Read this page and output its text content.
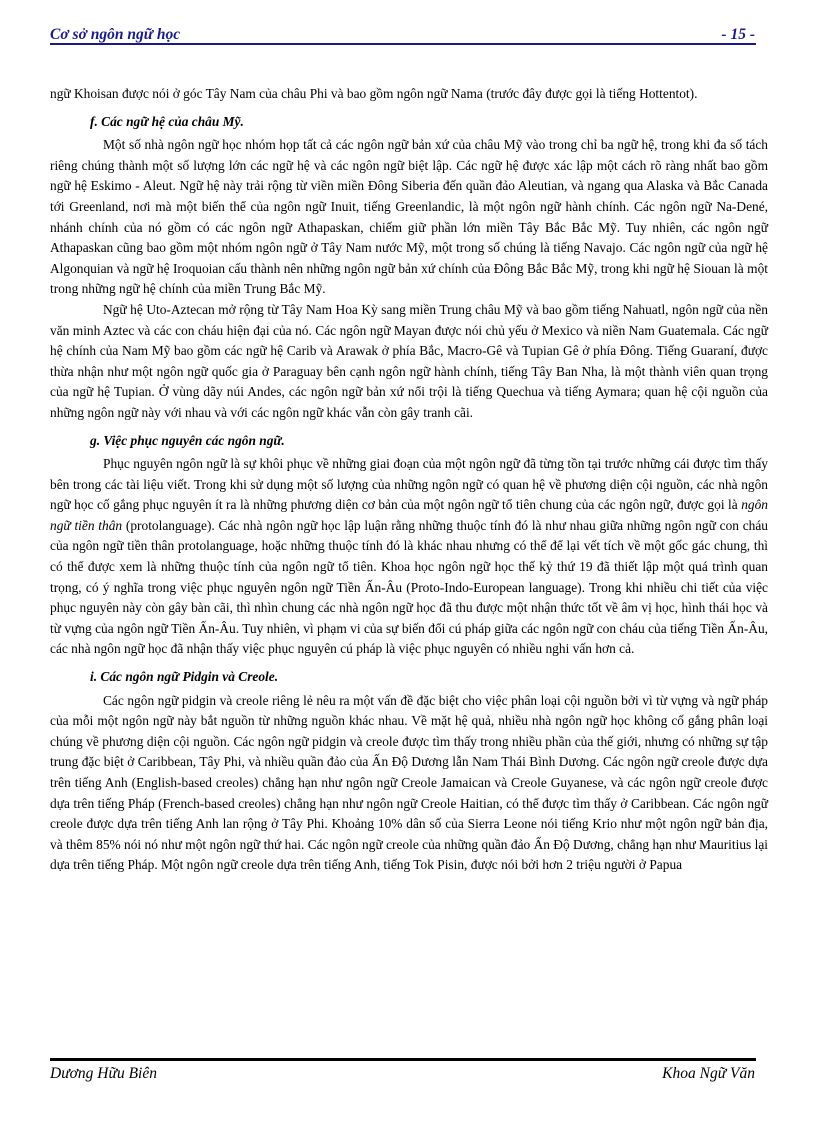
Cơ sở ngôn ngữ học	- 15 -

ngữ Khoisan được nói ở góc Tây Nam của châu Phi và bao gồm ngôn ngữ Nama (trước đây được gọi là tiếng Hottentot).

f. Các ngữ hệ của châu Mỹ.

Một số nhà ngôn ngữ học nhóm họp tất cả các ngôn ngữ bản xứ của châu Mỹ vào trong chỉ ba ngữ hệ, trong khi đa số tách riêng chúng thành một số lượng lớn các ngữ hệ và các ngôn ngữ biệt lập. Các ngữ hệ được xác lập một cách rõ ràng nhất bao gồm ngữ hệ Eskimo - Aleut. Ngữ hệ này trải rộng từ viền miền Đông Siberia đến quần đảo Aleutian, và ngang qua Alaska và Bắc Canada tới Greenland, nơi mà một biến thể của ngôn ngữ Inuit, tiếng Greenlandic, là một ngôn ngữ hành chính. Các ngôn ngữ Na-Dené, nhánh chính của nó gồm có các ngôn ngữ Athapaskan, chiếm giữ phần lớn miền Tây Bắc Bắc Mỹ. Tuy nhiên, các ngôn ngữ Athapaskan cũng bao gồm một nhóm ngôn ngữ ở Tây Nam nước Mỹ, một trong số chúng là tiếng Navajo. Các ngôn ngữ của ngữ hệ Algonquian và ngữ hệ Iroquoian cấu thành nên những ngôn ngữ bản xứ chính của Đông Bắc Bắc Mỹ, trong khi ngữ hệ Siouan là một trong những ngữ hệ chính của miền Trung Bắc Mỹ.

Ngữ hệ Uto-Aztecan mở rộng từ Tây Nam Hoa Kỳ sang miền Trung châu Mỹ và bao gồm tiếng Nahuatl, ngôn ngữ của nền văn minh Aztec và các con cháu hiện đại của nó. Các ngôn ngữ Mayan được nói chủ yếu ở Mexico và niền Nam Guatemala. Các ngữ hệ chính của Nam Mỹ bao gồm các ngữ hệ Carib và Arawak ở phía Bắc, Macro-Gê và Tupian Gê ở phía Đông. Tiếng Guaraní, được thừa nhận như một ngôn ngữ quốc gia ở Paraguay bên cạnh ngôn ngữ hành chính, tiếng Tây Ban Nha, là một thành viên quan trọng của ngữ hệ Tupian. Ở vùng dãy núi Andes, các ngôn ngữ bản xứ nổi trội là tiếng Quechua và tiếng Aymara; quan hệ cội nguồn của những ngôn ngữ này với nhau và với các ngôn ngữ khác vẫn còn gây tranh cãi.

g. Việc phục nguyên các ngôn ngữ.

Phục nguyên ngôn ngữ là sự khôi phục về những giai đoạn của một ngôn ngữ đã từng tồn tại trước những cái được tìm thấy bên trong các tài liệu viết. Trong khi sử dụng một số lượng của những ngôn ngữ có quan hệ về phương diện cội nguồn, các nhà ngôn ngữ học cố gắng phục nguyên ít ra là những phương diện cơ bản của một ngôn ngữ tổ tiên chung của các ngôn ngữ, được gọi là ngôn ngữ tiền thân (protolanguage). Các nhà ngôn ngữ học lập luận rằng những thuộc tính đó là như nhau giữa những ngôn ngữ con cháu của ngôn ngữ tiền thân protolanguage, hoặc những thuộc tính đó là khác nhau nhưng có thể để lại vết tích về một gốc gác chung, thì có thể được xem là những thuộc tính của ngôn ngữ tổ tiên. Khoa học ngôn ngữ học thế kỷ thứ 19 đã thiết lập một quá trình quan trọng, có ý nghĩa trong việc phục nguyên ngôn ngữ Tiền Ấn-Âu (Proto-Indo-European language). Trong khi nhiều chi tiết của việc phục nguyên này còn gây bàn cãi, thì nhìn chung các nhà ngôn ngữ học đã thu được một nhận thức tốt về âm vị học, hình thái học và từ vựng của ngôn ngữ Tiền Ấn-Âu. Tuy nhiên, vì phạm vi của sự biến đổi cú pháp giữa các ngôn ngữ con cháu của tiếng Tiền Ấn-Âu, các nhà ngôn ngữ học đã nhận thấy việc phục nguyên cú pháp là việc phục nguyên có nhiều nghi vấn hơn cả.

i. Các ngôn ngữ Pidgin và Creole.

Các ngôn ngữ pidgin và creole riêng lẻ nêu ra một vấn đề đặc biệt cho việc phân loại cội nguồn bởi vì từ vựng và ngữ pháp của mỗi một ngôn ngữ này bắt nguồn từ những nguồn khác nhau. Về mặt hệ quả, nhiều nhà ngôn ngữ học không cố gắng phân loại chúng về phương diện cội nguồn. Các ngôn ngữ pidgin và creole được tìm thấy trong nhiều phần của thế giới, nhưng có những sự tập trung đặc biệt ở Caribbean, Tây Phi, và nhiều quần đảo của Ấn Độ Dương lẫn Nam Thái Bình Dương. Các ngôn ngữ creole được dựa trên tiếng Anh (English-based creoles) chẳng hạn như ngôn ngữ Creole Jamaican và Creole Guyanese, và các ngôn ngữ creole được dựa trên tiếng Pháp (French-based creoles) chẳng hạn như ngôn ngữ Creole Haitian, có thể được tìm thấy ở Caribbean. Các ngôn ngữ creole được dựa trên tiếng Anh lan rộng ở Tây Phi. Khoảng 10% dân số của Sierra Leone nói tiếng Krio như một ngôn ngữ bản địa, và thêm 85% nói nó như một ngôn ngữ thứ hai. Các ngôn ngữ creole của những quần đảo Ấn Độ Dương, chẳng hạn như Mauritius lại dựa trên tiếng Pháp. Một ngôn ngữ creole dựa trên tiếng Anh, tiếng Tok Pisin, được nói bởi hơn 2 triệu người ở Papua

Dương Hữu Biên	Khoa Ngữ Văn
